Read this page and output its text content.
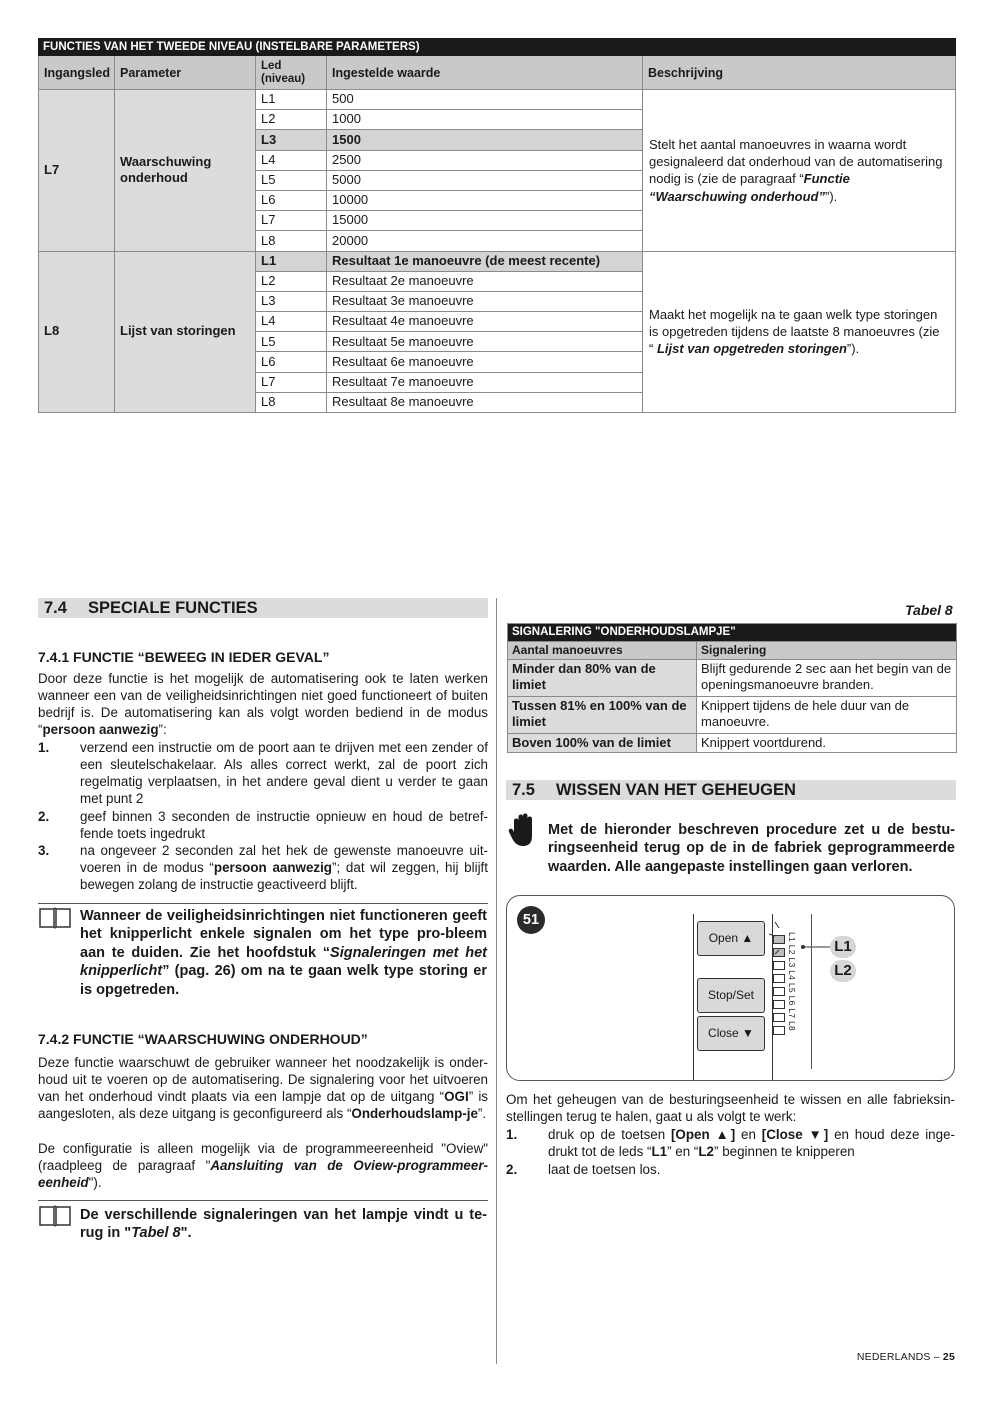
FUNCTIES VAN HET TWEEDE NIVEAU (INSTELBARE PARAMETERS)				
Ingangsled	Parameter	Led (niveau)	Ingestelde waarde	Beschrijving
L7	Waarschuwing onderhoud	L1	500	Stelt het aantal manoeuvres in waarna wordt gesignaleerd dat onderhoud van de automatisering nodig is (zie de paragraaf “Functie “Waarschuwing onderhoud””).
		L2	1000	
		L3	1500	
		L4	2500	
		L5	5000	
		L6	10000	
		L7	15000	
		L8	20000	
L8	Lijst van storingen	L1	Resultaat 1e manoeuvre (de meest recente)	Maakt het mogelijk na te gaan welk type storingen is opgetreden tijdens de laatste 8 manoeuvres (zie “ Lijst van opgetreden storingen”).
		L2	Resultaat 2e manoeuvre	
		L3	Resultaat 3e manoeuvre	
		L4	Resultaat 4e manoeuvre	
		L5	Resultaat 5e manoeuvre	
		L6	Resultaat 6e manoeuvre	
		L7	Resultaat 7e manoeuvre	
		L8	Resultaat 8e manoeuvre	
7.4 SPECIALE FUNCTIES
7.4.1 FUNCTIE “BEWEEG IN IEDER GEVAL”
Door deze functie is het mogelijk de automatisering ook te laten werken wanneer een van de veiligheidsinrichtingen niet goed functioneert of buiten bedrijf is. De automatisering kan als volgt worden bediend in de modus “persoon aanwezig”:
1. verzend een instructie om de poort aan te drijven met een zender of een sleutelschakelaar. Als alles correct werkt, zal de poort zich regelmatig verplaatsen, in het andere geval dient u verder te gaan met punt 2
2. geef binnen 3 seconden de instructie opnieuw en houd de betref-fende toets ingedrukt
3. na ongeveer 2 seconden zal het hek de gewenste manoeuvre uit-voeren in de modus “persoon aanwezig”; dat wil zeggen, hij blijft bewegen zolang de instructie geactiveerd blijft.
Wanneer de veiligheidsinrichtingen niet functioneren geeft het knipperlicht enkele signalen om het type pro-bleem aan te duiden. Zie het hoofdstuk “Signaleringen met het knipperlicht” (pag. 26) om na te gaan welk type storing er is opgetreden.
7.4.2 FUNCTIE “WAARSCHUWING ONDERHOUD”
Deze functie waarschuwt de gebruiker wanneer het noodzakelijk is onder-houd uit te voeren op de automatisering. De signalering voor het uitvoeren van het onderhoud vindt plaats via een lampje dat op de uitgang “OGI” is aangesloten, als deze uitgang is geconfigureerd als “Onderhoudslamp-je”.
De configuratie is alleen mogelijk via de programmeereenheid "Oview" (raadpleeg de paragraaf "Aansluiting van de Oview-programmeer-eenheid").
De verschillende signaleringen van het lampje vindt u te-rug in "Tabel 8".
Tabel 8
SIGNALERING "ONDERHOUDSLAMPJE"	
Aantal manoeuvres	Signalering
Minder dan 80% van de limiet	Blijft gedurende 2 sec aan het begin van de openingsmanoeuvre branden.
Tussen 81% en 100% van de limiet	Knippert tijdens de hele duur van de manoeuvre.
Boven 100% van de limiet	Knippert voortdurend.
7.5 WISSEN VAN HET GEHEUGEN
Met de hieronder beschreven procedure zet u de bestu-ringseenheid terug op de in de fabriek geprogrammeerde waarden. Alle aangepaste instellingen gaan verloren.
51
Open ▲
Stop/Set
Close ▼
L1 L2 L3 L4 L5 L6 L7 L8 L1
L2
Om het geheugen van de besturingseenheid te wissen en alle fabrieksin-stellingen terug te halen, gaat u als volgt te werk:
1. druk op de toetsen [Open ▲] en [Close ▼] en houd deze inge-drukt tot de leds “L1” en “L2” beginnen te knipperen
2. laat de toetsen los.
NEDERLANDS – 25
